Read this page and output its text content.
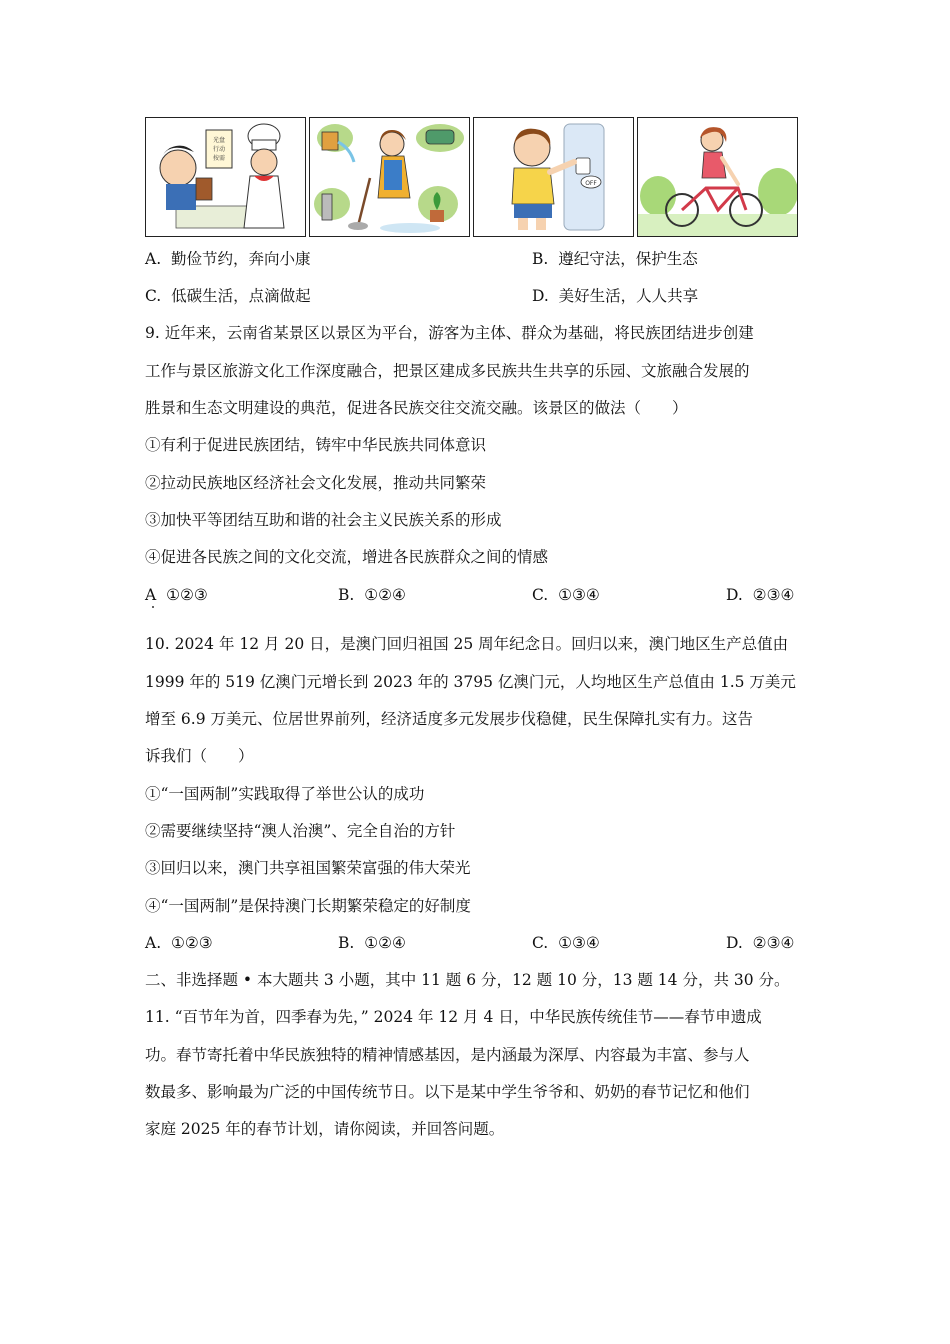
光盘
行动
按需
OFF
A. 勤俭节约，奔向小康	B. 遵纪守法，保护生态
C. 低碳生活，点滴做起	D. 美好生活，人人共享
9. 近年来，云南省某景区以景区为平台，游客为主体、群众为基础，将民族团结进步创建
工作与景区旅游文化工作深度融合，把景区建成多民族共生共享的乐园、文旅融合发展的
胜景和生态文明建设的典范，促进各民族交往交流交融。该景区的做法（　　）
①有利于促进民族团结，铸牢中华民族共同体意识
②拉动民族地区经济社会文化发展，推动共同繁荣
③加快平等团结互助和谐的社会主义民族关系的形成
④促进各民族之间的文化交流，增进各民族群众之间的情感
A ①②③	B. ①②④	C. ①③④	D. ②③④
10. 2024 年 12 月 20 日，是澳门回归祖国 25 周年纪念日。回归以来，澳门地区生产总值由
1999 年的 519 亿澳门元增长到 2023 年的 3795 亿澳门元，人均地区生产总值由 1.5 万美元
增至 6.9 万美元、位居世界前列，经济适度多元发展步伐稳健，民生保障扎实有力。这告
诉我们（　　）
①“一国两制”实践取得了举世公认的成功
②需要继续坚持“澳人治澳”、完全自治的方针
③回归以来，澳门共享祖国繁荣富强的伟大荣光
④“一国两制”是保持澳门长期繁荣稳定的好制度
A. ①②③	B. ①②④	C. ①③④	D. ②③④
二、非选择题 • 本大题共 3 小题，其中 11 题 6 分，12 题 10 分，13 题 14 分，共 30 分。
11. “百节年为首，四季春为先，” 2024 年 12 月 4 日，中华民族传统佳节——春节申遗成
功。春节寄托着中华民族独特的精神情感基因，是内涵最为深厚、内容最为丰富、参与人
数最多、影响最为广泛的中国传统节日。以下是某中学生爷爷和、奶奶的春节记忆和他们
家庭 2025 年的春节计划，请你阅读，并回答问题。
